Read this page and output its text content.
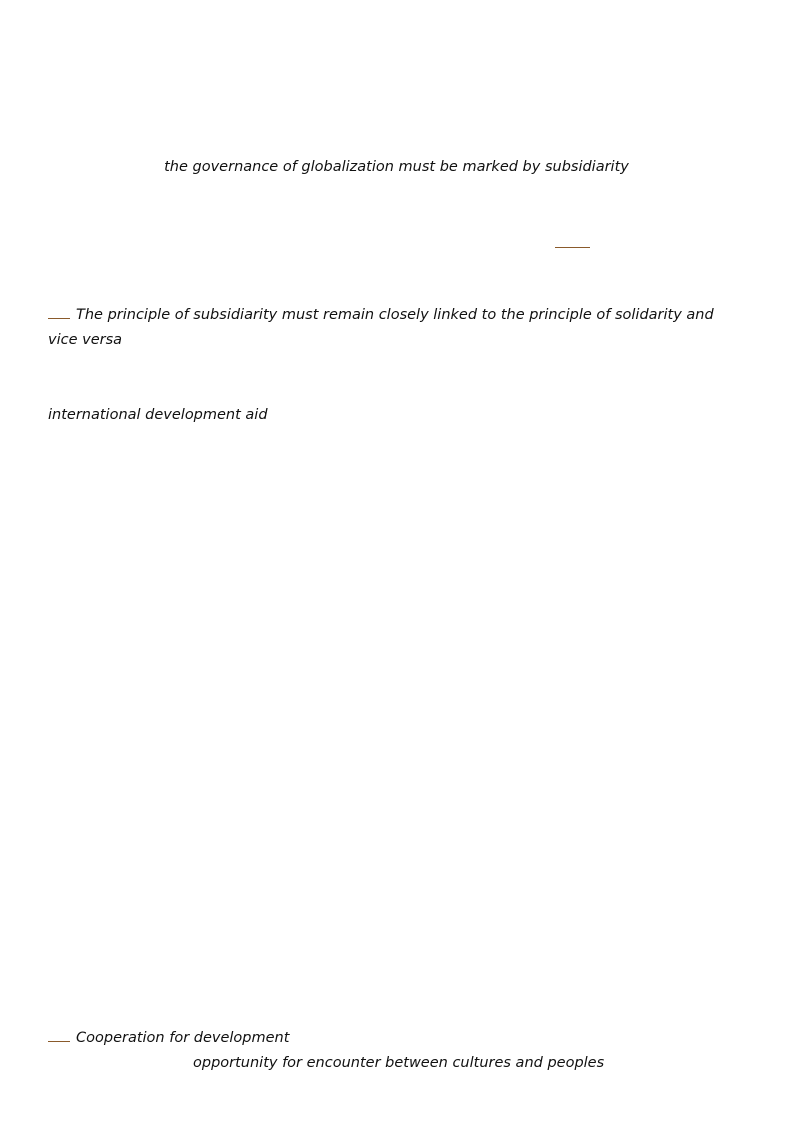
the governance of globalization must be marked by subsidiarity
The principle of subsidiarity must remain closely linked to the principle of solidarity and vice versa
international development aid
Cooperation for development
opportunity for encounter between cultures and peoples
